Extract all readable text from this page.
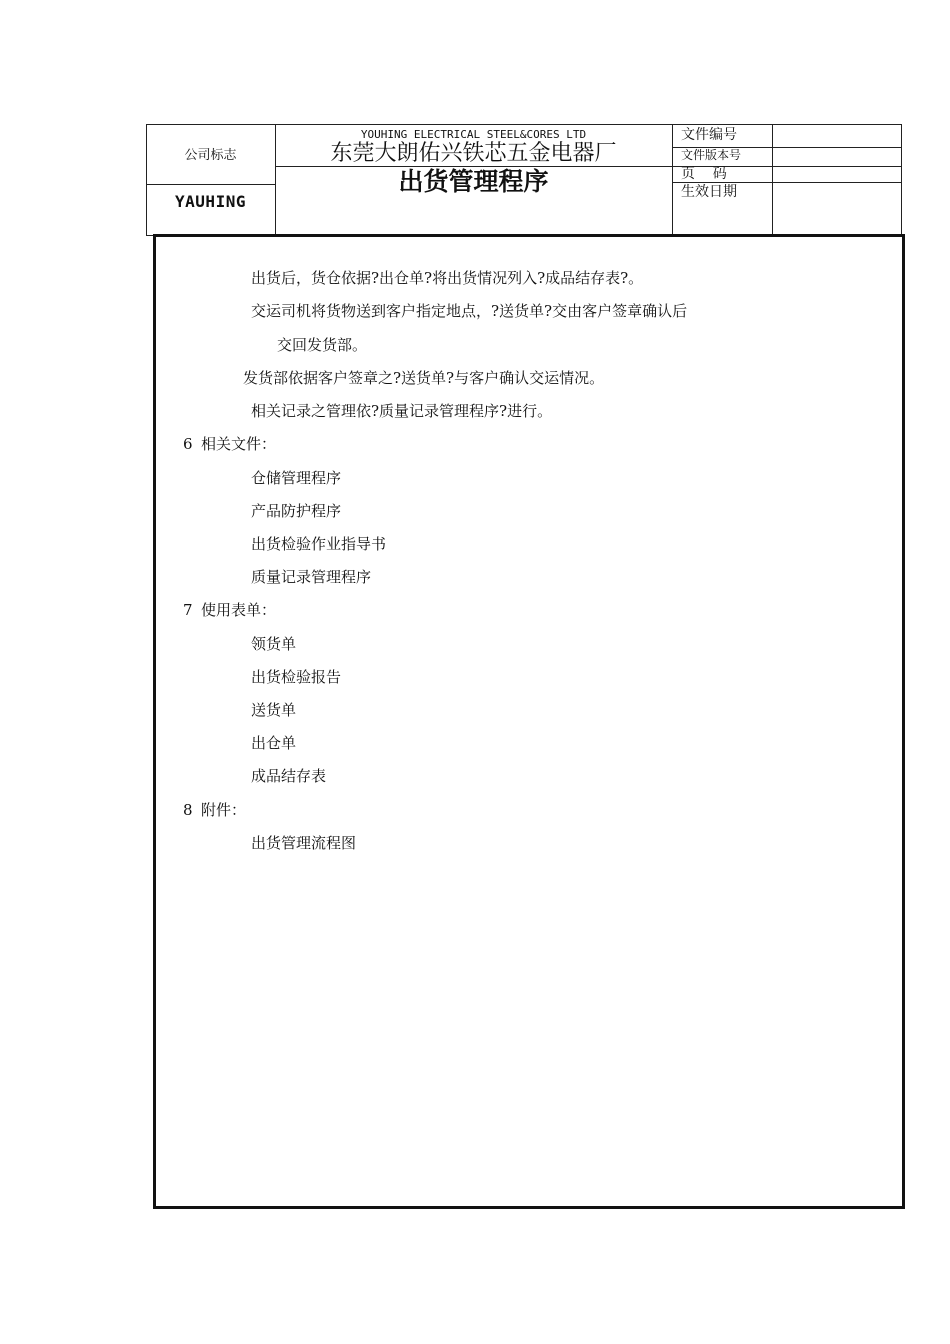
公司标志
YAUHING
YOUHING ELECTRICAL STEEL&CORES LTD
东莞大朗佑兴铁芯五金电器厂
出货管理程序
文件编号
文件版本号
页    码
生效日期
出货后，货仓依据?出仓单?将出货情况列入?成品结存表?。
交运司机将货物送到客户指定地点，?送货单?交由客户签章确认后
交回发货部。
发货部依据客户签章之?送货单?与客户确认交运情况。
相关记录之管理依?质量记录管理程序?进行。
6 相关文件：
仓储管理程序
产品防护程序
出货检验作业指导书
质量记录管理程序
7 使用表单：
领货单
出货检验报告
送货单
出仓单
成品结存表
8 附件：
出货管理流程图
